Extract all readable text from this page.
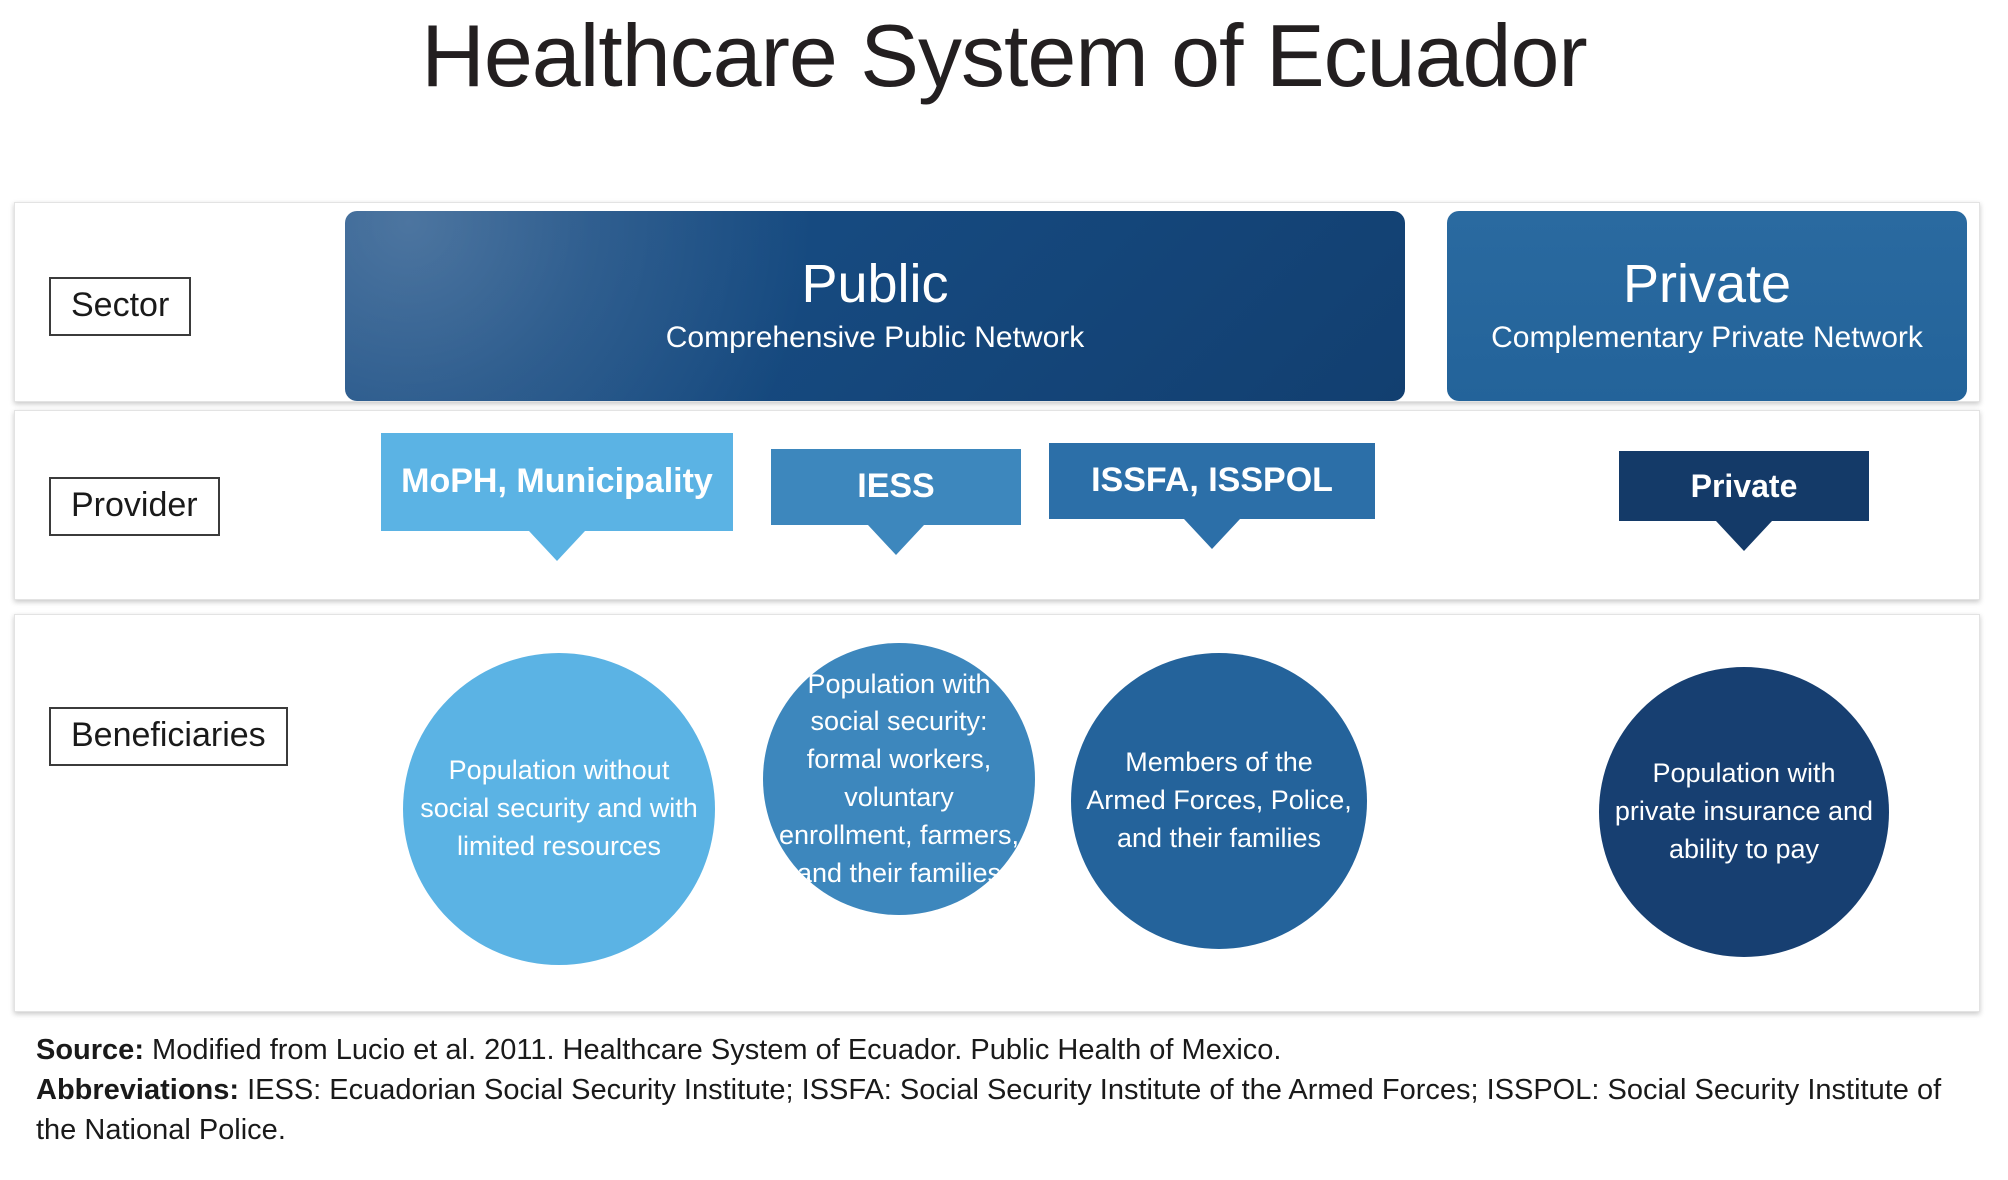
Healthcare System of Ecuador
Sector	Public
Comprehensive Public Network
Private
Complementary Private Network
Provider
MoPH, Municipality	IESS	ISSFA, ISSPOL	Private
Beneficiaries
Population without social security and with limited resources
Population with social security: formal workers, voluntary enrollment, farmers, and their families
Members of the Armed Forces, Police, and their families
Population with private insurance and ability to pay
Source: Modified from Lucio et al. 2011. Healthcare System of Ecuador. Public Health of Mexico.
Abbreviations: IESS: Ecuadorian Social Security Institute; ISSFA: Social Security Institute of the Armed Forces; ISSPOL: Social Security Institute of the National Police.
